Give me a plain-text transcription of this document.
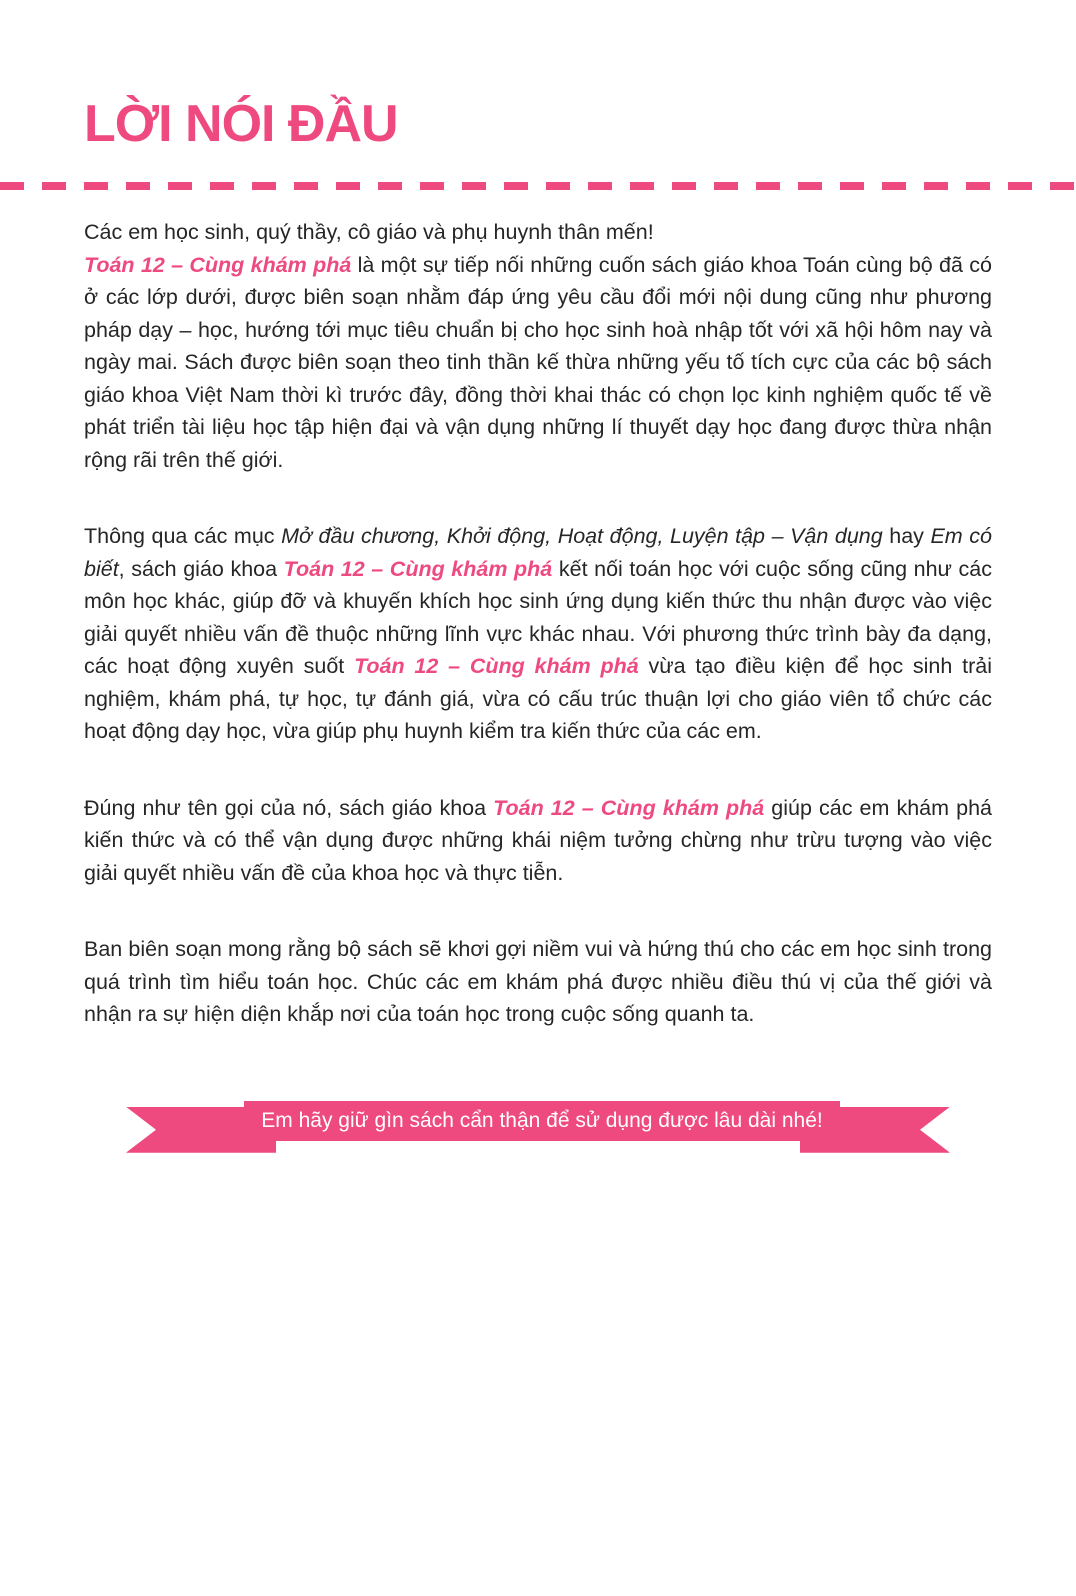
LỜI NÓI ĐẦU

Các em học sinh, quý thầy, cô giáo và phụ huynh thân mến!

Toán 12 – Cùng khám phá là một sự tiếp nối những cuốn sách giáo khoa Toán cùng bộ đã có ở các lớp dưới, được biên soạn nhằm đáp ứng yêu cầu đổi mới nội dung cũng như phương pháp dạy – học, hướng tới mục tiêu chuẩn bị cho học sinh hoà nhập tốt với xã hội hôm nay và ngày mai. Sách được biên soạn theo tinh thần kế thừa những yếu tố tích cực của các bộ sách giáo khoa Việt Nam thời kì trước đây, đồng thời khai thác có chọn lọc kinh nghiệm quốc tế về phát triển tài liệu học tập hiện đại và vận dụng những lí thuyết dạy học đang được thừa nhận rộng rãi trên thế giới.

Thông qua các mục Mở đầu chương, Khởi động, Hoạt động, Luyện tập – Vận dụng hay Em có biết, sách giáo khoa Toán 12 – Cùng khám phá kết nối toán học với cuộc sống cũng như các môn học khác, giúp đỡ và khuyến khích học sinh ứng dụng kiến thức thu nhận được vào việc giải quyết nhiều vấn đề thuộc những lĩnh vực khác nhau. Với phương thức trình bày đa dạng, các hoạt động xuyên suốt Toán 12 – Cùng khám phá vừa tạo điều kiện để học sinh trải nghiệm, khám phá, tự học, tự đánh giá, vừa có cấu trúc thuận lợi cho giáo viên tổ chức các hoạt động dạy học, vừa giúp phụ huynh kiểm tra kiến thức của các em.

Đúng như tên gọi của nó, sách giáo khoa Toán 12 – Cùng khám phá giúp các em khám phá kiến thức và có thể vận dụng được những khái niệm tưởng chừng như trừu tượng vào việc giải quyết nhiều vấn đề của khoa học và thực tiễn.

Ban biên soạn mong rằng bộ sách sẽ khơi gợi niềm vui và hứng thú cho các em học sinh trong quá trình tìm hiểu toán học. Chúc các em khám phá được nhiều điều thú vị của thế giới và nhận ra sự hiện diện khắp nơi của toán học trong cuộc sống quanh ta.

Em hãy giữ gìn sách cẩn thận để sử dụng được lâu dài nhé!
